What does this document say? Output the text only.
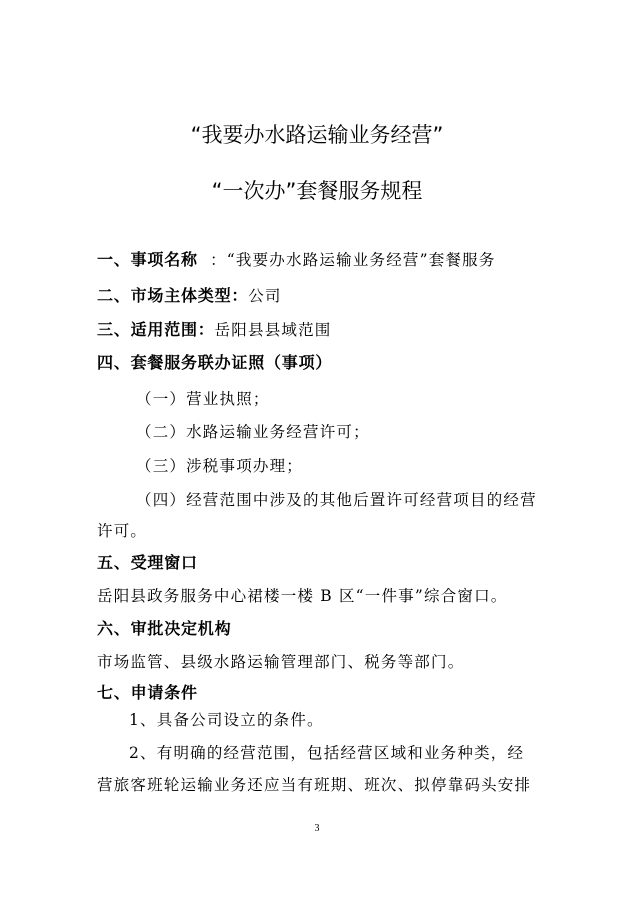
“我要办水路运输业务经营”
“一次办”套餐服务规程
一、事项名称 ：“我要办水路运输业务经营”套餐服务
二、市场主体类型：公司
三、适用范围：岳阳县县域范围
四、套餐服务联办证照（事项）
（一）营业执照；
（二）水路运输业务经营许可；
（三）涉税事项办理；
（四）经营范围中涉及的其他后置许可经营项目的经营
许可。
五、受理窗口
岳阳县政务服务中心裙楼一楼 B 区“一件事”综合窗口。
六、审批决定机构
市场监管、县级水路运输管理部门、税务等部门。
七、申请条件
1、具备公司设立的条件。
2、有明确的经营范围，包括经营区域和业务种类，经
营旅客班轮运输业务还应当有班期、班次、拟停靠码头安排
3
